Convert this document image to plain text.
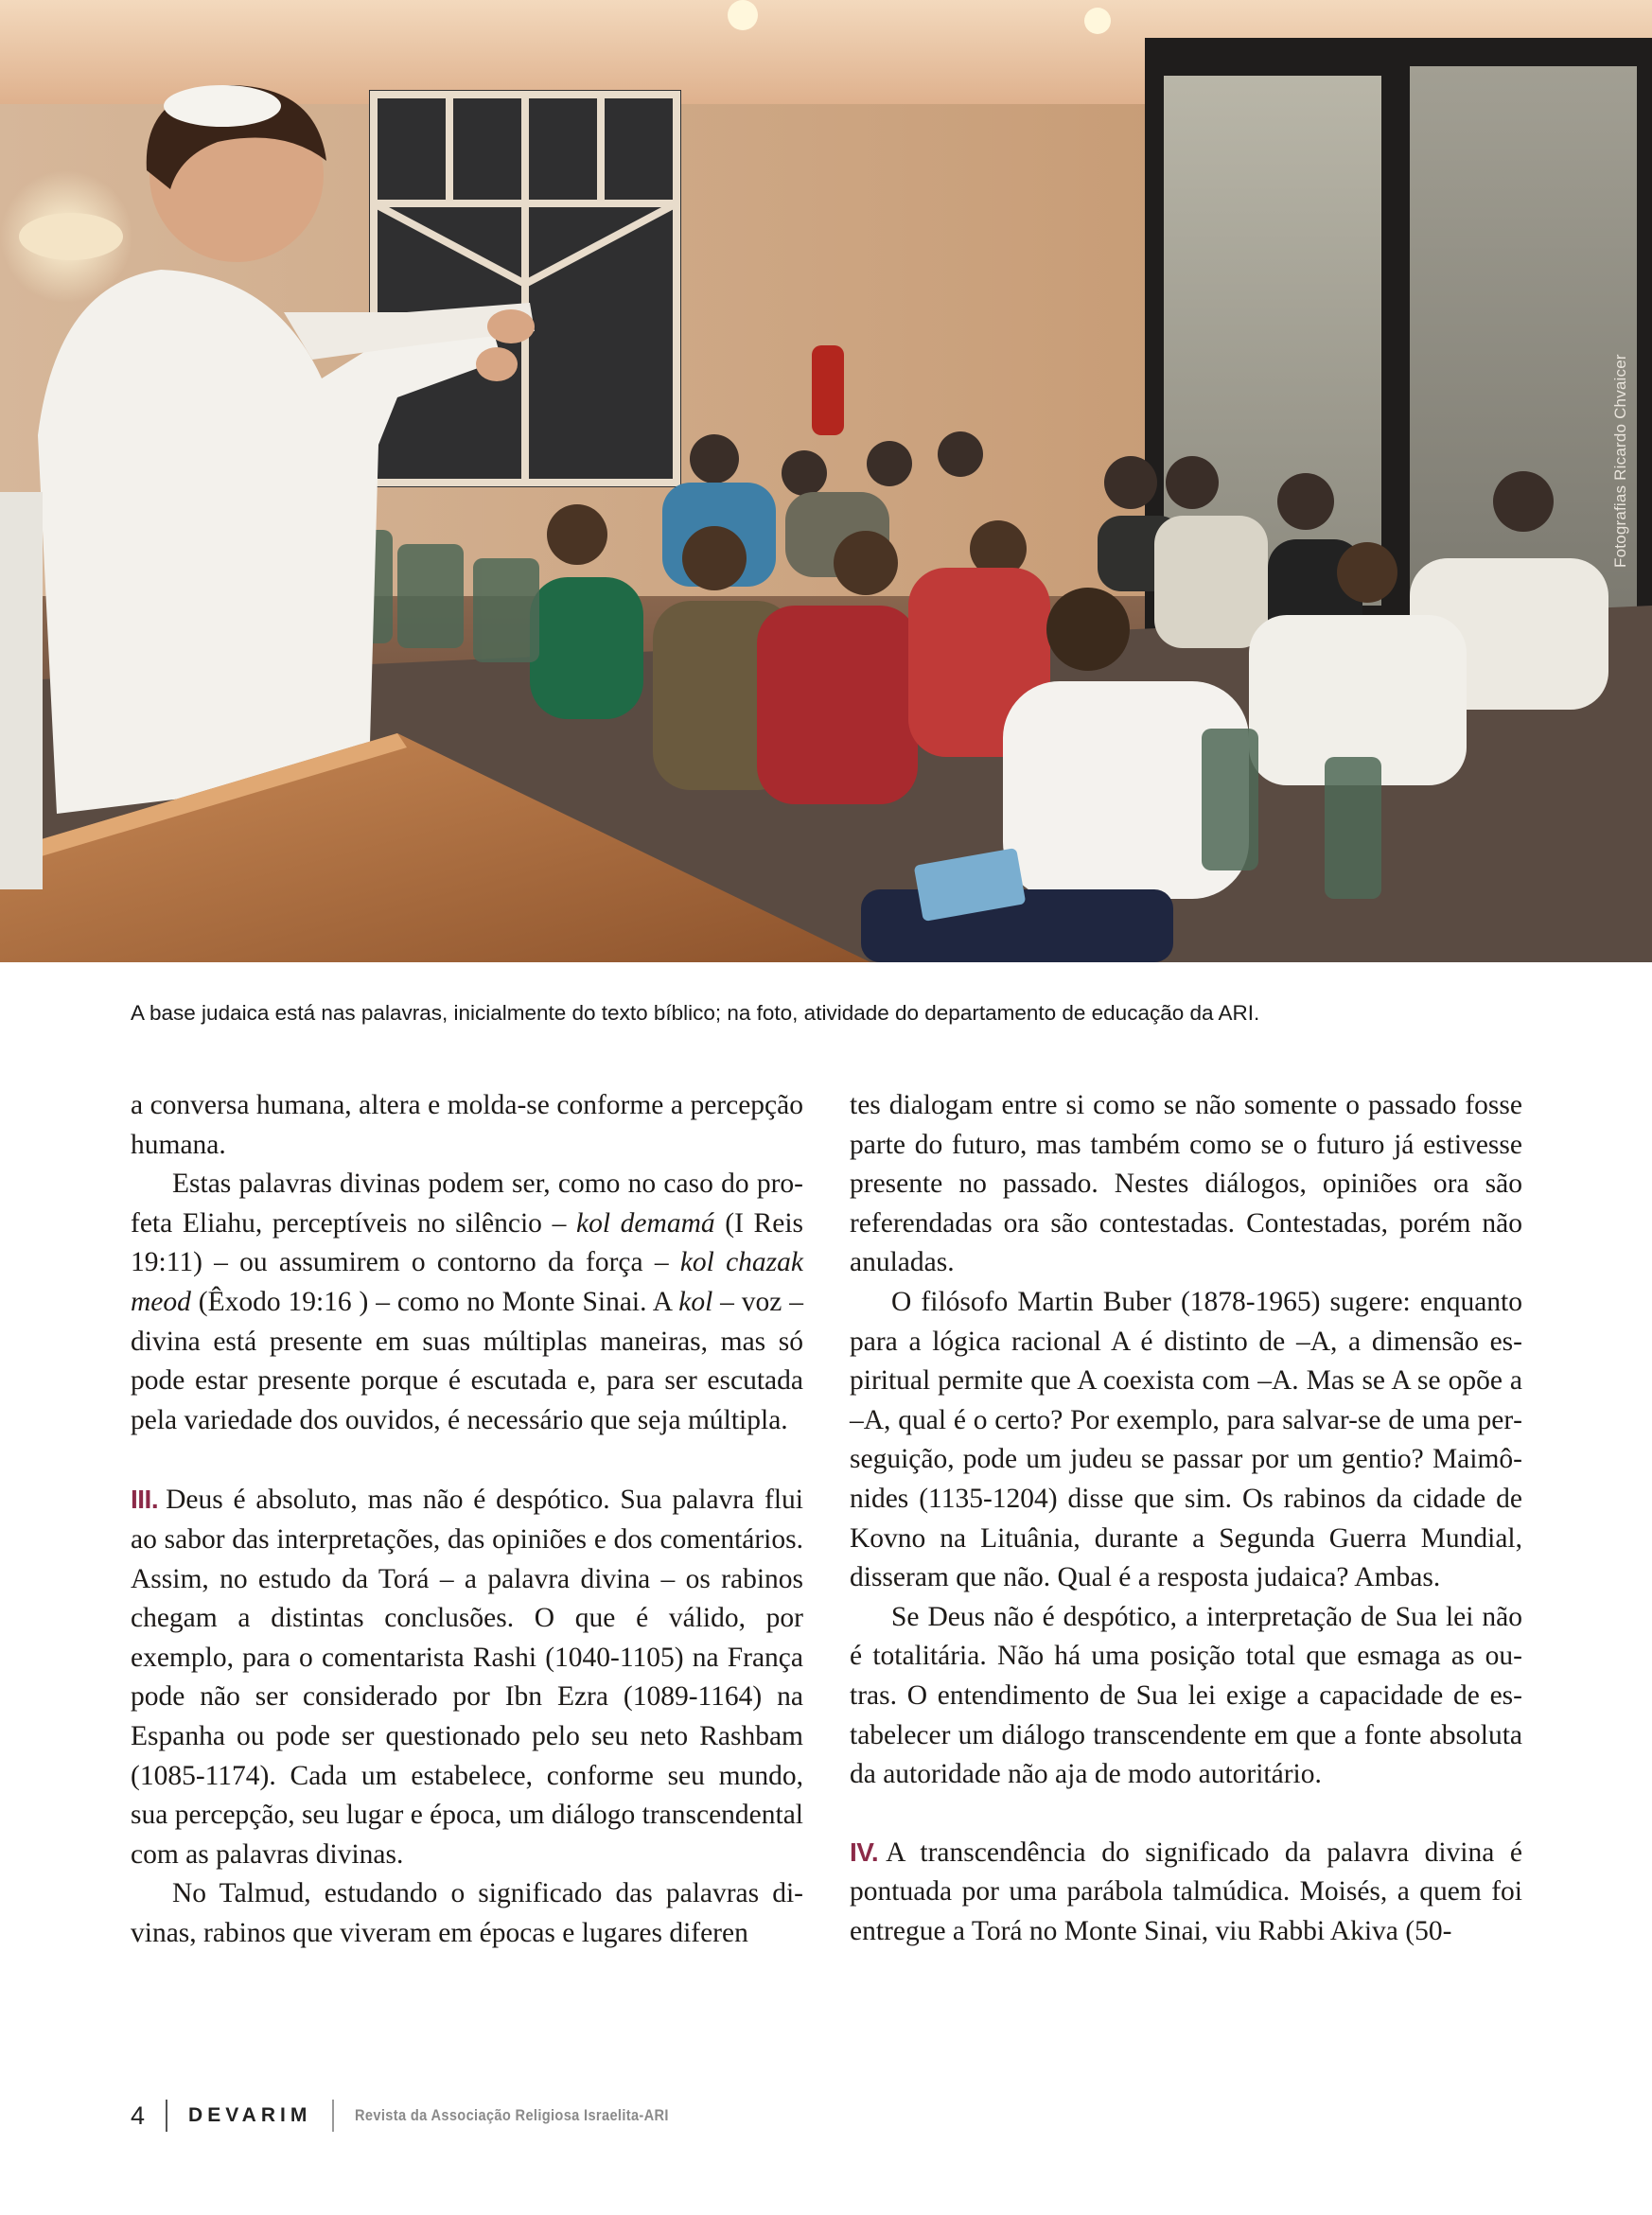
Fotografias Ricardo Chvaicer
A base judaica está nas palavras, inicialmente do texto bíblico; na foto, atividade do departamento de educação da ARI.

a conversa humana, altera e molda-se conforme a percepção humana.

Estas palavras divinas podem ser, como no caso do profeta Eliahu, perceptíveis no silêncio – kol demamá (I Reis 19:11) – ou assumirem o contorno da força – kol chazak meod (Êxodo 19:16 ) – como no Monte Sinai. A kol – voz – divina está presente em suas múltiplas maneiras, mas só pode estar presente porque é escutada e, para ser escutada pela variedade dos ouvidos, é necessário que seja múltipla.

III. Deus é absoluto, mas não é despótico. Sua palavra flui ao sabor das interpretações, das opiniões e dos comentários. Assim, no estudo da Torá – a palavra divina – os rabinos chegam a distintas conclusões. O que é válido, por exemplo, para o comentarista Rashi (1040-1105) na França pode não ser considerado por Ibn Ezra (1089-1164) na Espanha ou pode ser questionado pelo seu neto Rashbam (1085-1174). Cada um estabelece, conforme seu mundo, sua percepção, seu lugar e época, um diálogo transcendental com as palavras divinas.

No Talmud, estudando o significado das palavras divinas, rabinos que viveram em épocas e lugares diferen

tes dialogam entre si como se não somente o passado fosse parte do futuro, mas também como se o futuro já estivesse presente no passado. Nestes diálogos, opiniões ora são referendadas ora são contestadas. Contestadas, porém não anuladas.

O filósofo Martin Buber (1878-1965) sugere: enquanto para a lógica racional A é distinto de –A, a dimensão espiritual permite que A coexista com –A. Mas se A se opõe a –A, qual é o certo? Por exemplo, para salvar-se de uma perseguição, pode um judeu se passar por um gentio? Maimônides (1135-1204) disse que sim. Os rabinos da cidade de Kovno na Lituânia, durante a Segunda Guerra Mundial, disseram que não. Qual é a resposta judaica? Ambas.

Se Deus não é despótico, a interpretação de Sua lei não é totalitária. Não há uma posição total que esmaga as outras. O entendimento de Sua lei exige a capacidade de estabelecer um diálogo transcendente em que a fonte absoluta da autoridade não aja de modo autoritário.

IV. A transcendência do significado da palavra divina é pontuada por uma parábola talmúdica. Moisés, a quem foi entregue a Torá no Monte Sinai, viu Rabbi Akiva (50-

4 DEVARIM	Revista da Associação Religiosa Israelita-ARI
